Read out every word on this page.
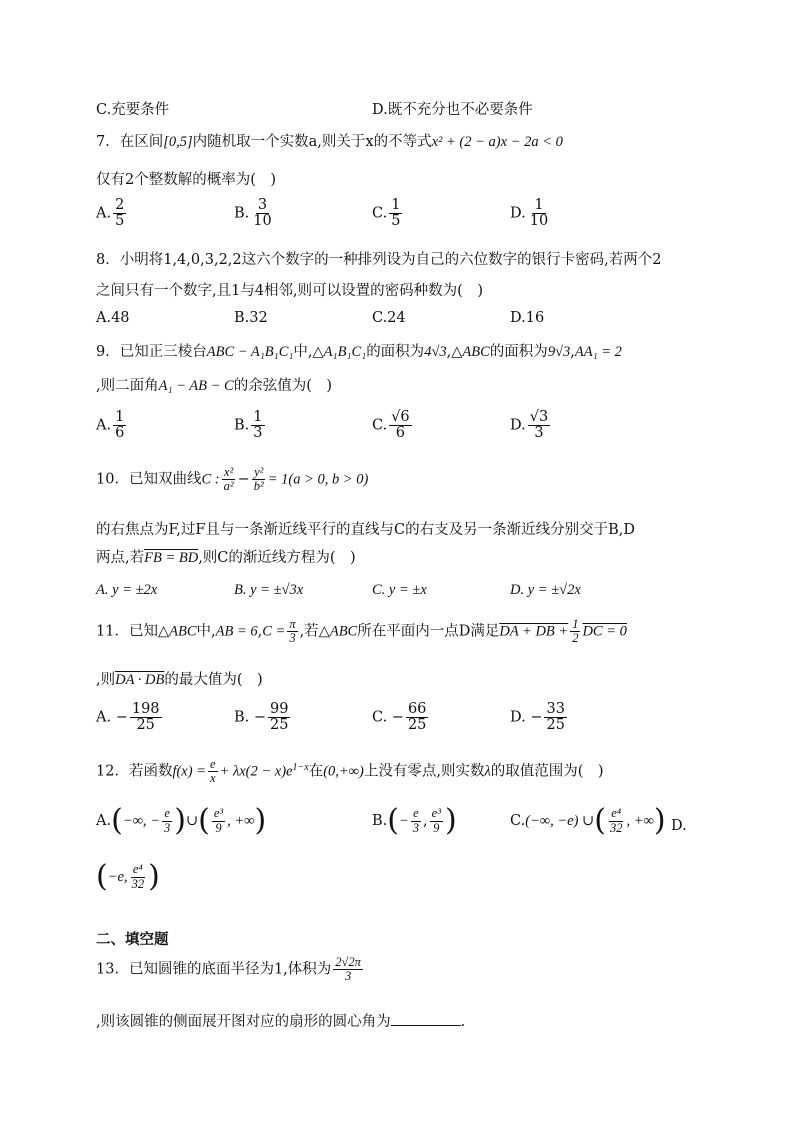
C.充要条件	D.既不充分也不必要条件
7．在区间[0,5]内随机取一个实数a,则关于x的不等式x² + (2 − a)x − 2a < 0
仅有2个整数解的概率为(　)
A. $\frac{2}{5}$	B. $\frac{3}{10}$	C. $\frac{1}{5}$	D. $\frac{1}{10}$
8．小明将1,4,0,3,2,2这六个数字的一种排列设为自己的六位数字的银行卡密码,若两个2
之间只有一个数字,且1与4相邻,则可以设置的密码种数为(　)
A.48	B.32	C.24	D.16
9．已知正三棱台ABC − A₁B₁C₁中,△A₁B₁C₁的面积为4√3,△ABC的面积为9√3,AA₁ = 2
,则二面角A₁ − AB − C的余弦值为(　)
A. $\frac{1}{6}$	B. $\frac{1}{3}$	C. $\frac{√6}{6}$	D. $\frac{√3}{3}$
10．已知双曲线C : $\frac{\text{x²}}{\text{a²}} - \frac{\text{y²}}{\text{b²}} = 1(a > 0$, b > 0)
的右焦点为F,过F且与一条渐近线平行的直线与C的右支及另一条渐近线分别交于B,D
两点,若FB = BD,则C的渐近线方程为(　)
A. y = ±2x	B. y = ±√3x	C. y = ±x	D. y = ±√2x
11．已知△ABC中$,AB = 6,C = \frac{\pi}{3}$ ,若△ABC所在平面内一点D满足DA + DB + $\frac{1}{2}$ DC = 0
,则DA · DB的最大值为(　)
A. − $\frac{198}{25}$	B. − $\frac{99}{25}$	C. − $\frac{66}{25}$	D. − $\frac{33}{25}$
12．若函数$f(x) = \frac{e}{x} + \lambda x(2 - x)e^{1-x}$在(0,+∞)上没有零点,则实数λ的取值范围为(　)
A.(−∞, − $\frac{e}{3}$ )∪( $\frac{\text{e³}}{9}$ , +∞)	$B.(- \frac{e}{3}$ , $\frac{\text{e³}}{9}$ )	C.(−∞, −e) ∪( $\frac{\text{e⁴}}{32}$ , +∞) D.
(−e, $\frac{\text{e⁴}}{32}$ )
二、填空题
13．已知圆锥的底面半径为1,体积为 $\frac{2√2\pi}{3}$
,则该圆锥的侧面展开图对应的扇形的圆心角为	.
